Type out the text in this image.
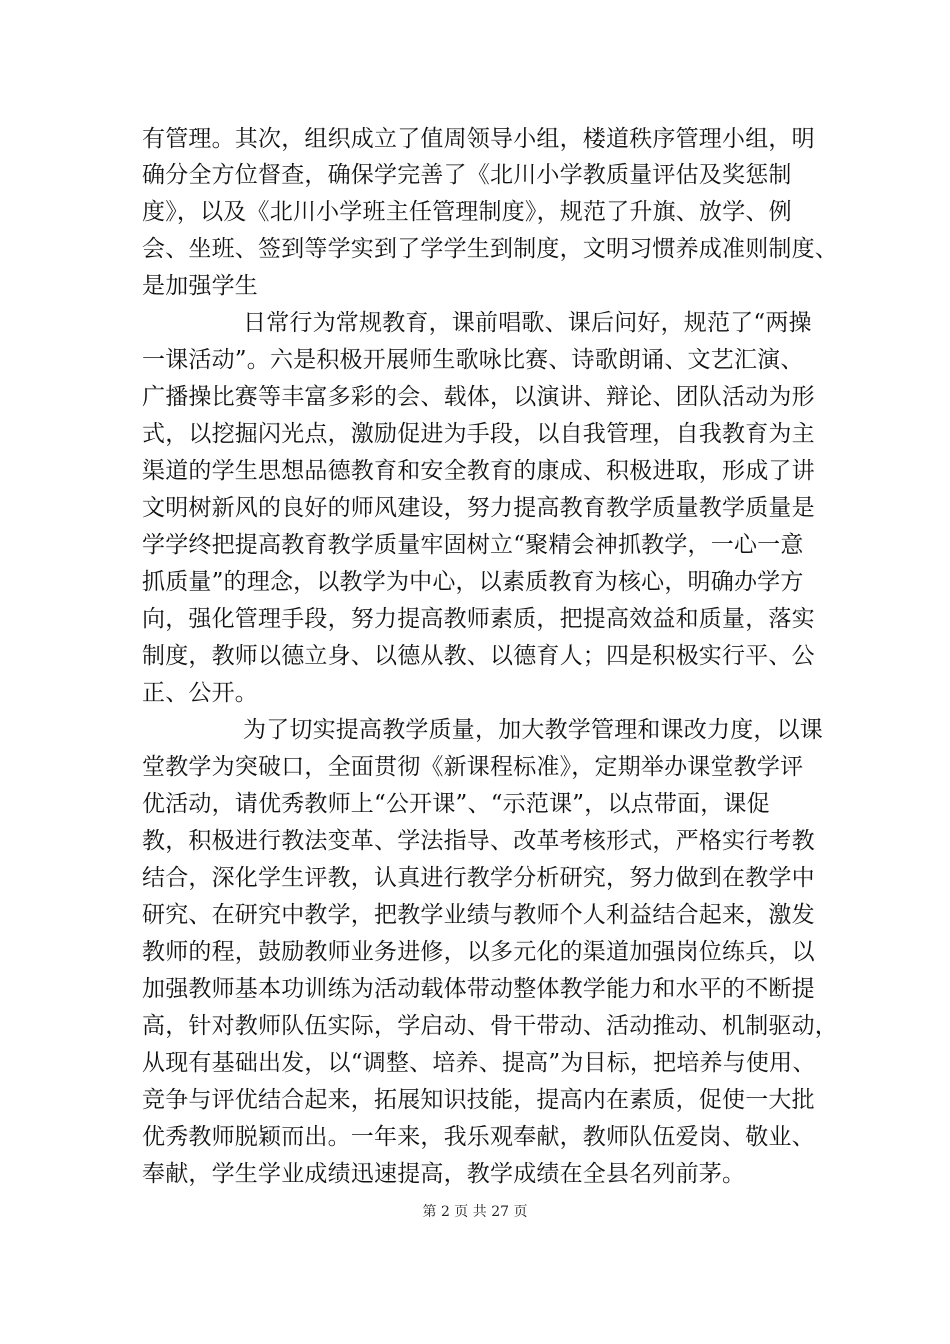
有管理。其次，组织成立了值周领导小组，楼道秩序管理小组，明
确分全方位督查，确保学完善了《北川小学教质量评估及奖惩制
度》，以及《北川小学班主任管理制度》，规范了升旗、放学、例
会、坐班、签到等学实到了学学生到制度，文明习惯养成准则制度、
是加强学生
日常行为常规教育，课前唱歌、课后问好，规范了“两操
一课活动”。六是积极开展师生歌咏比赛、诗歌朗诵、文艺汇演、
广播操比赛等丰富多彩的会、载体，以演讲、辩论、团队活动为形
式，以挖掘闪光点，激励促进为手段，以自我管理，自我教育为主
渠道的学生思想品德教育和安全教育的康成、积极进取，形成了讲
文明树新风的良好的师风建设，努力提高教育教学质量教学质量是
学学终把提高教育教学质量牢固树立“聚精会神抓教学，一心一意
抓质量”的理念，以教学为中心，以素质教育为核心，明确办学方
向，强化管理手段，努力提高教师素质，把提高效益和质量，落实
制度，教师以德立身、以德从教、以德育人；四是积极实行平、公
正、公开。
为了切实提高教学质量，加大教学管理和课改力度，以课
堂教学为突破口，全面贯彻《新课程标准》，定期举办课堂教学评
优活动，请优秀教师上“公开课”、“示范课”，以点带面，课促
教，积极进行教法变革、学法指导、改革考核形式，严格实行考教
结合，深化学生评教，认真进行教学分析研究，努力做到在教学中
研究、在研究中教学，把教学业绩与教师个人利益结合起来，激发
教师的程，鼓励教师业务进修，以多元化的渠道加强岗位练兵，以
加强教师基本功训练为活动载体带动整体教学能力和水平的不断提
高，针对教师队伍实际，学启动、骨干带动、活动推动、机制驱动，
从现有基础出发，以“调整、培养、提高”为目标，把培养与使用、
竞争与评优结合起来，拓展知识技能，提高内在素质，促使一大批
优秀教师脱颖而出。一年来，我乐观奉献，教师队伍爱岗、敬业、
奉献，学生学业成绩迅速提高，教学成绩在全县名列前茅。
第 2 页 共 27 页
